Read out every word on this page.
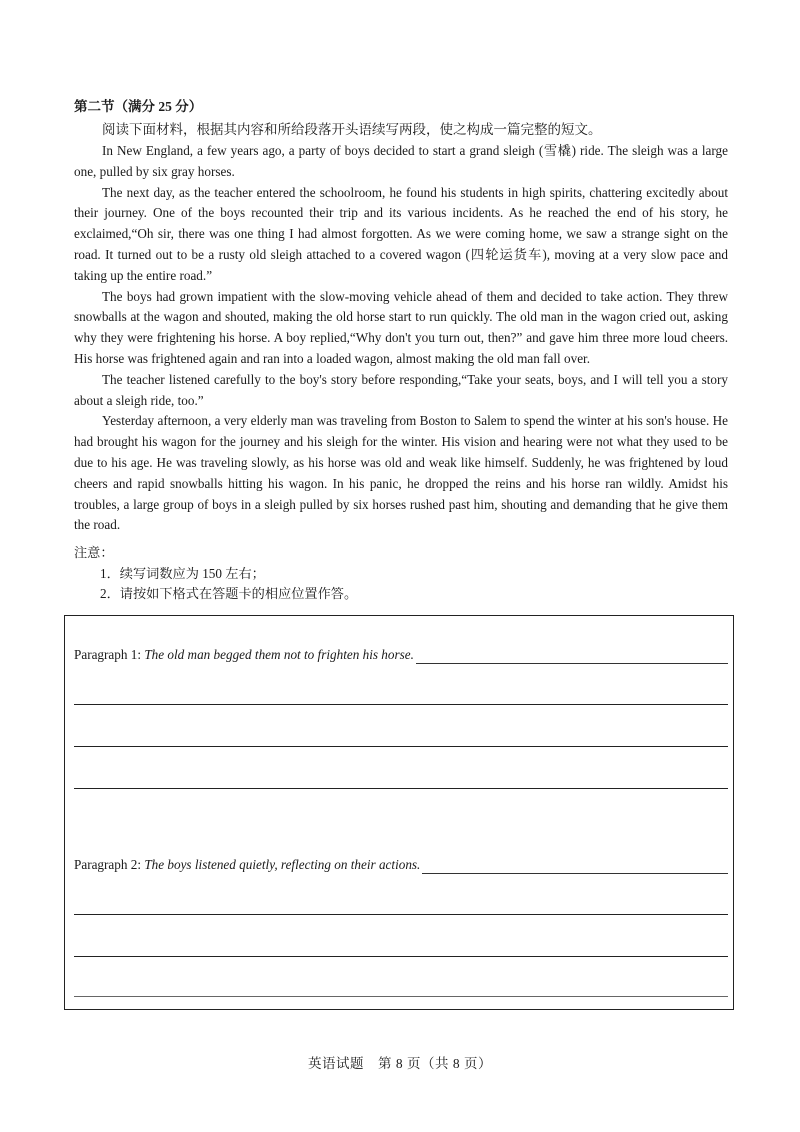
第二节（满分 25 分）
阅读下面材料，根据其内容和所给段落开头语续写两段，使之构成一篇完整的短文。

In New England, a few years ago, a party of boys decided to start a grand sleigh (雪橇) ride. The sleigh was a large one, pulled by six gray horses.

The next day, as the teacher entered the schoolroom, he found his students in high spirits, chattering excitedly about their journey. One of the boys recounted their trip and its various incidents. As he reached the end of his story, he exclaimed,“Oh sir, there was one thing I had almost forgotten. As we were coming home, we saw a strange sight on the road. It turned out to be a rusty old sleigh attached to a covered wagon (四轮运货车), moving at a very slow pace and taking up the entire road.”

The boys had grown impatient with the slow-moving vehicle ahead of them and decided to take action. They threw snowballs at the wagon and shouted, making the old horse start to run quickly. The old man in the wagon cried out, asking why they were frightening his horse. A boy replied,“Why don't you turn out, then?” and gave him three more loud cheers. His horse was frightened again and ran into a loaded wagon, almost making the old man fall over.

The teacher listened carefully to the boy's story before responding,“Take your seats, boys, and I will tell you a story about a sleigh ride, too.”

Yesterday afternoon, a very elderly man was traveling from Boston to Salem to spend the winter at his son's house. He had brought his wagon for the journey and his sleigh for the winter. His vision and hearing were not what they used to be due to his age. He was traveling slowly, as his horse was old and weak like himself. Suddenly, he was frightened by loud cheers and rapid snowballs hitting his wagon. In his panic, he dropped the reins and his horse ran wildly. Amidst his troubles, a large group of boys in a sleigh pulled by six horses rushed past him, shouting and demanding that he give them the road.

注意：
1．续写词数应为 150 左右；
2．请按如下格式在答题卡的相应位置作答。
Paragraph 1: The old man begged them not to frighten his horse.
Paragraph 2: The boys listened quietly, reflecting on their actions.
英语试题　第 8 页（共 8 页）
